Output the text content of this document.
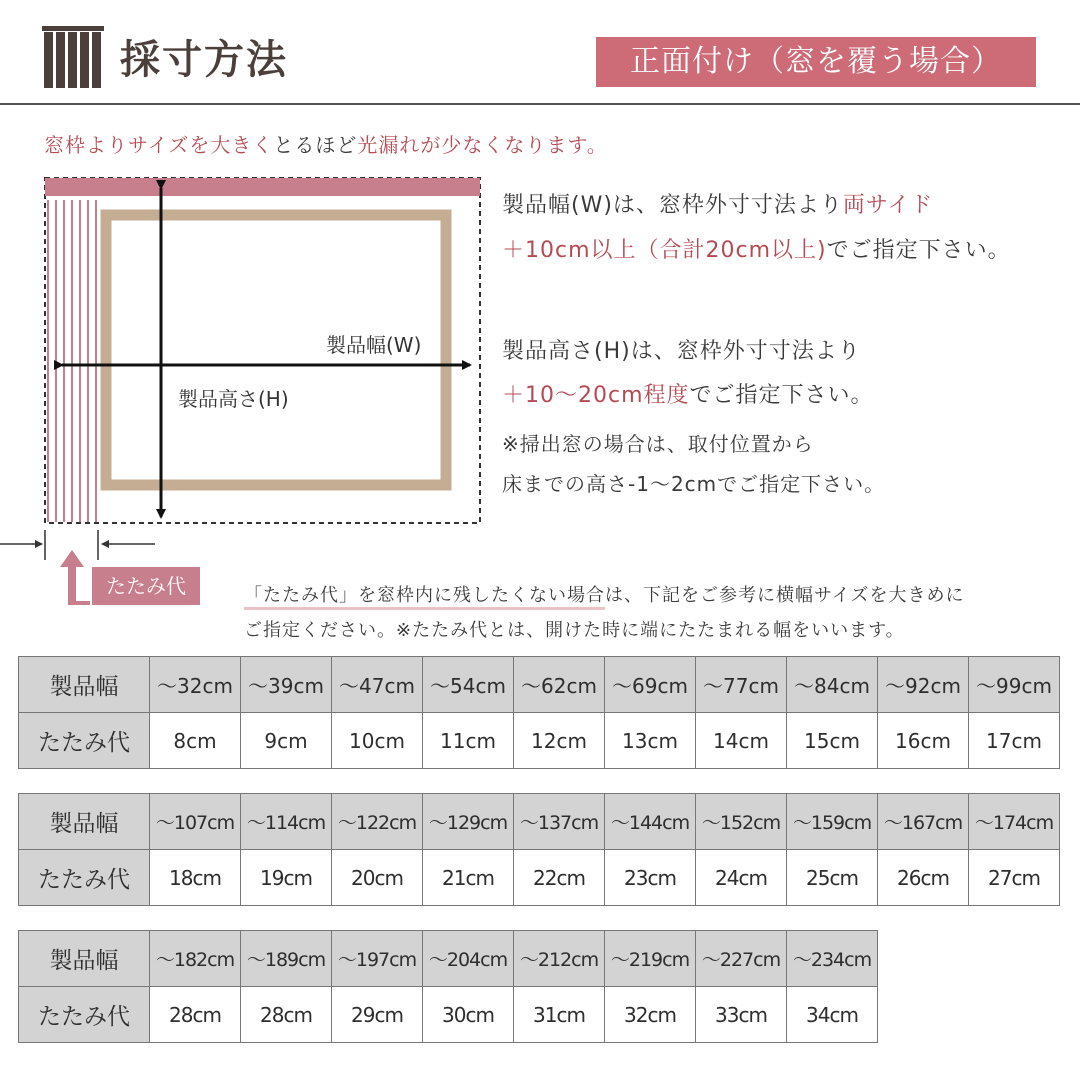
採寸方法	正面付け（窓を覆う場合）
窓枠よりサイズを大きくとるほど光漏れが少なくなります。
たたみ代
製品幅(W)
製品高さ(H)
製品幅(W)は、窓枠外寸寸法より両サイド
＋10cm以上（合計20cm以上)でご指定下さい。
製品高さ(H)は、窓枠外寸寸法より
＋10〜20cm程度でご指定下さい。
※掃出窓の場合は、取付位置から
床までの高さ-1〜2cmでご指定下さい。
「たたみ代」を窓枠内に残したくない場合は、下記をご参考に横幅サイズを大きめに
ご指定ください。※たたみ代とは、開けた時に端にたたまれる幅をいいます。
製品幅	〜32cm	〜39cm	〜47cm	〜54cm	〜62cm	〜69cm	〜77cm	〜84cm	〜92cm	〜99cm
たたみ代	8cm	9cm	10cm	11cm	12cm	13cm	14cm	15cm	16cm	17cm
製品幅	〜107cm	〜114cm	〜122cm	〜129cm	〜137cm	〜144cm	〜152cm	〜159cm	〜167cm	〜174cm
たたみ代	18cm	19cm	20cm	21cm	22cm	23cm	24cm	25cm	26cm	27cm
製品幅	〜182cm	〜189cm	〜197cm	〜204cm	〜212cm	〜219cm	〜227cm	〜234cm
たたみ代	28cm	28cm	29cm	30cm	31cm	32cm	33cm	34cm
